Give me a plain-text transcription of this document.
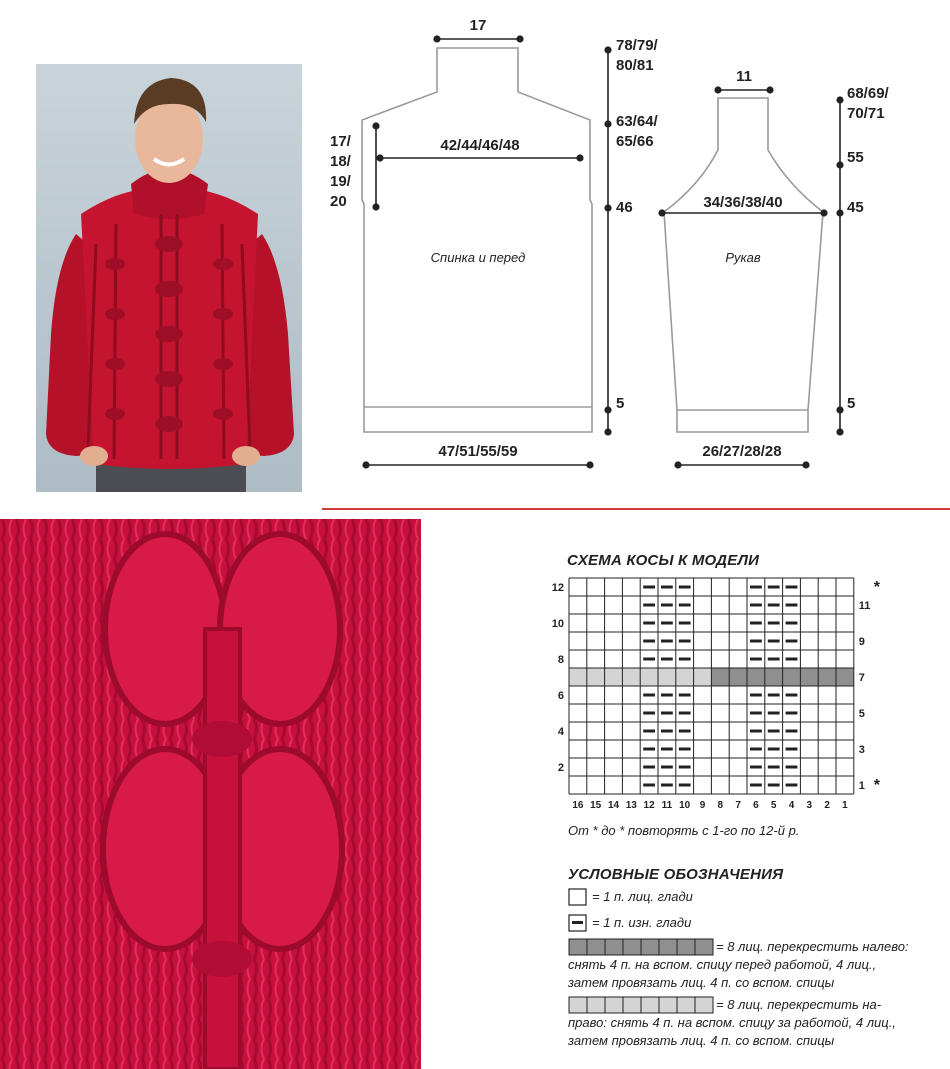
17
42/44/46/48
47/51/55/59
17/
18/
19/
20
78/79/
80/81
63/64/
65/66
46
5
11
34/36/38/40
26/27/28/28
68/69/
70/71
55
45
5
Спинка и перед	Рукав
СХЕМА КОСЫ К МОДЕЛИ
12
10
8
6
4
2
11
9
7
5
3
1
16 15 14 13 12 11 10 9 8 7 6 5 4 3 2 1
*
*
От * до * повторять с 1-го по 12-й р.
УСЛОВНЫЕ ОБОЗНАЧЕНИЯ
= 1 п. лиц. глади
= 1 п. изн. глади
= 8 лиц. перекрестить налево:
снять 4 п. на вспом. спицу перед работой, 4 лиц.,
затем провязать лиц. 4 п. со вспом. спицы
= 8 лиц. перекрестить на-
право: снять 4 п. на вспом. спицу за работой, 4 лиц.,
затем провязать лиц. 4 п. со вспом. спицы
